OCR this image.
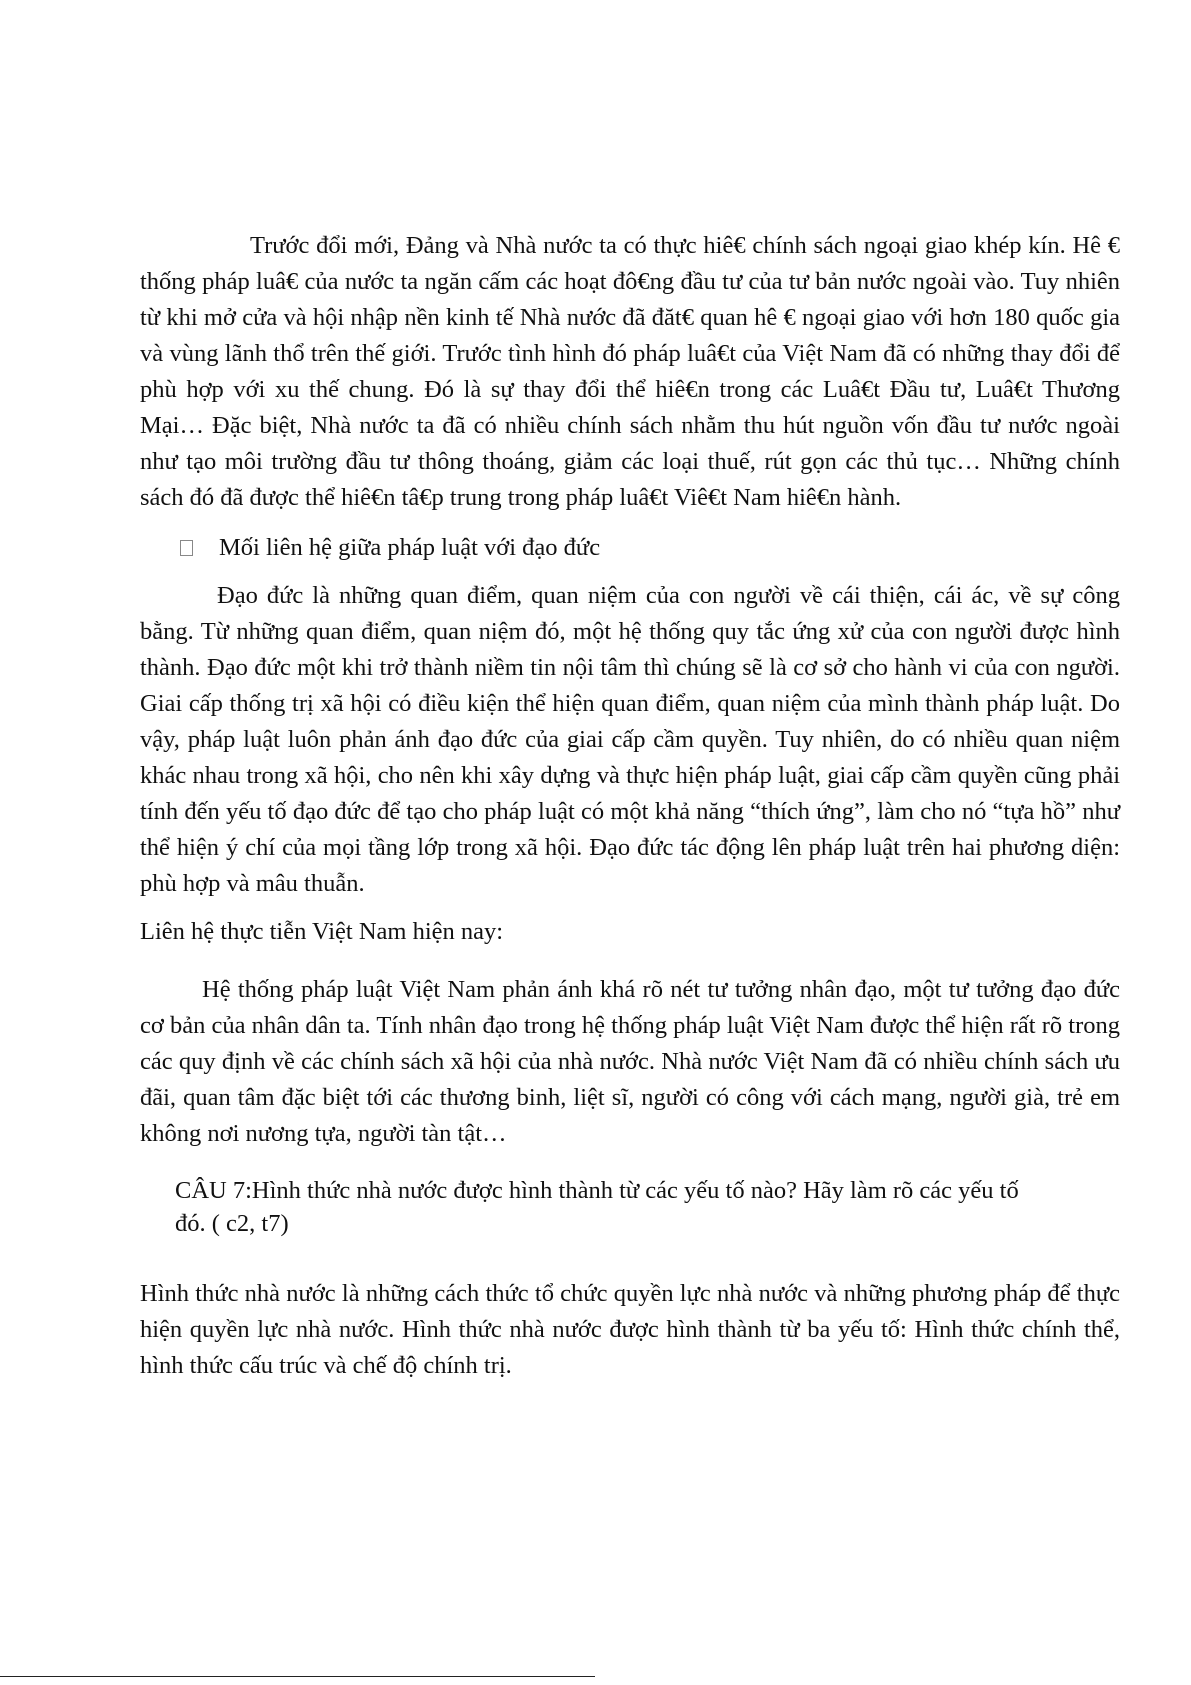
Trước đổi mới, Đảng và Nhà nước ta có thực hiê€ chính sách ngoại giao khép kín. Hê € thống pháp luâ€ của nước ta ngăn cấm các hoạt đô€ng đầu tư của tư bản nước ngoài vào. Tuy nhiên từ khi mở cửa và hội nhập nền kinh tế Nhà nước đã đăt€ quan hê € ngoại giao với hơn 180 quốc gia và vùng lãnh thổ trên thế giới. Trước tình hình đó pháp luâ€t của Việt Nam đã có những thay đổi để phù hợp với xu thế chung. Đó là sự thay đổi thể hiê€n trong các Luâ€t Đầu tư, Luâ€t Thương Mại… Đặc biệt, Nhà nước ta đã có nhiều chính sách nhằm thu hút nguồn vốn đầu tư nước ngoài như tạo môi trường đầu tư thông thoáng, giảm các loại thuế, rút gọn các thủ tục… Những chính sách đó đã được thể hiê€n tâ€p trung trong pháp luâ€t Viê€t Nam hiê€n hành.

Mối liên hệ giữa pháp luật với đạo đức

Đạo đức là những quan điểm, quan niệm của con người về cái thiện, cái ác, về sự công bằng. Từ những quan điểm, quan niệm đó, một hệ thống quy tắc ứng xử của con người được hình thành. Đạo đức một khi trở thành niềm tin nội tâm thì chúng sẽ là cơ sở cho hành vi của con người. Giai cấp thống trị xã hội có điều kiện thể hiện quan điểm, quan niệm của mình thành pháp luật. Do vậy, pháp luật luôn phản ánh đạo đức của giai cấp cầm quyền. Tuy nhiên, do có nhiều quan niệm khác nhau trong xã hội, cho nên khi xây dựng và thực hiện pháp luật, giai cấp cầm quyền cũng phải tính đến yếu tố đạo đức để tạo cho pháp luật có một khả năng “thích ứng”, làm cho nó “tựa hồ” như thể hiện ý chí của mọi tầng lớp trong xã hội. Đạo đức tác động lên pháp luật trên hai phương diện: phù hợp và mâu thuẫn.

Liên hệ thực tiễn Việt Nam hiện nay:

Hệ thống pháp luật Việt Nam phản ánh khá rõ nét tư tưởng nhân đạo, một tư tưởng đạo đức cơ bản của nhân dân ta. Tính nhân đạo trong hệ thống pháp luật Việt Nam được thể hiện rất rõ trong các quy định về các chính sách xã hội của nhà nước. Nhà nước Việt Nam đã có nhiều chính sách ưu đãi, quan tâm đặc biệt tới các thương binh, liệt sĩ, người có công với cách mạng, người già, trẻ em không nơi nương tựa, người tàn tật…

CÂU 7:Hình thức nhà nước được hình thành từ các yếu tố nào? Hãy làm rõ các yếu tố đó. ( c2, t7)

Hình thức nhà nước là những cách thức tổ chức quyền lực nhà nước và những phương pháp để thực hiện quyền lực nhà nước. Hình thức nhà nước được hình thành từ ba yếu tố: Hình thức chính thể, hình thức cấu trúc và chế độ chính trị.
